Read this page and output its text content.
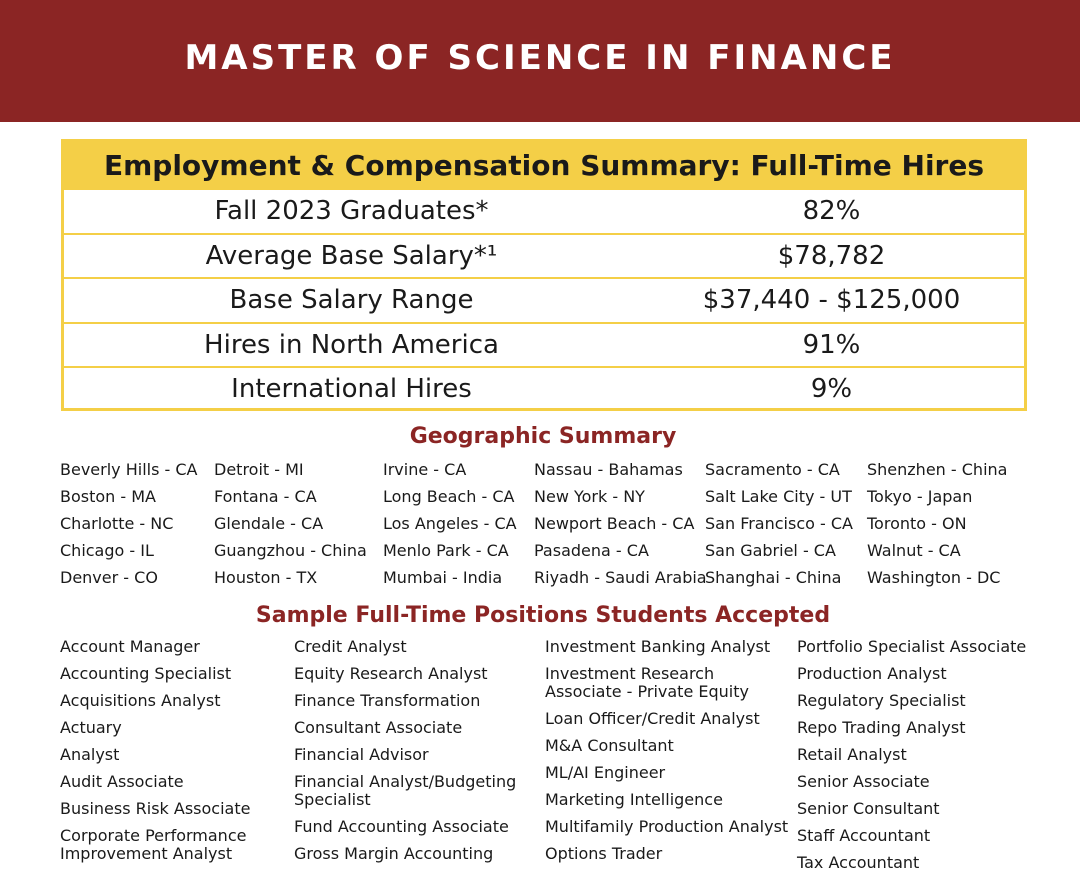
MASTER OF SCIENCE IN FINANCE
Employment & Compensation Summary: Full-Time Hires
Fall 2023 Graduates*	82%
Average Base Salary*¹	$78,782
Base Salary Range	$37,440 - $125,000
Hires in North America	91%
International Hires	9%
Geographic Summary
Beverly Hills - CA
Boston - MA
Charlotte - NC
Chicago - IL
Denver - CO
Detroit - MI
Fontana - CA
Glendale - CA
Guangzhou - China
Houston - TX
Irvine - CA
Long Beach - CA
Los Angeles - CA
Menlo Park - CA
Mumbai - India
Nassau - Bahamas
New York - NY
Newport Beach - CA
Pasadena - CA
Riyadh - Saudi Arabia
Sacramento - CA
Salt Lake City - UT
San Francisco - CA
San Gabriel - CA
Shanghai - China
Shenzhen - China
Tokyo - Japan
Toronto - ON
Walnut - CA
Washington - DC
Sample Full-Time Positions Students Accepted
Account Manager
Accounting Specialist
Acquisitions Analyst
Actuary
Analyst
Audit Associate
Business Risk Associate
Corporate Performance
Improvement Analyst
Credit Analyst
Equity Research Analyst
Finance Transformation
Consultant Associate
Financial Advisor
Financial Analyst/Budgeting
Specialist
Fund Accounting Associate
Gross Margin Accounting
Investment Banking Analyst
Investment Research
Associate - Private Equity
Loan Officer/Credit Analyst
M&A Consultant
ML/AI Engineer
Marketing Intelligence
Multifamily Production Analyst
Options Trader
Portfolio Specialist Associate
Production Analyst
Regulatory Specialist
Repo Trading Analyst
Retail Analyst
Senior Associate
Senior Consultant
Staff Accountant
Tax Accountant
